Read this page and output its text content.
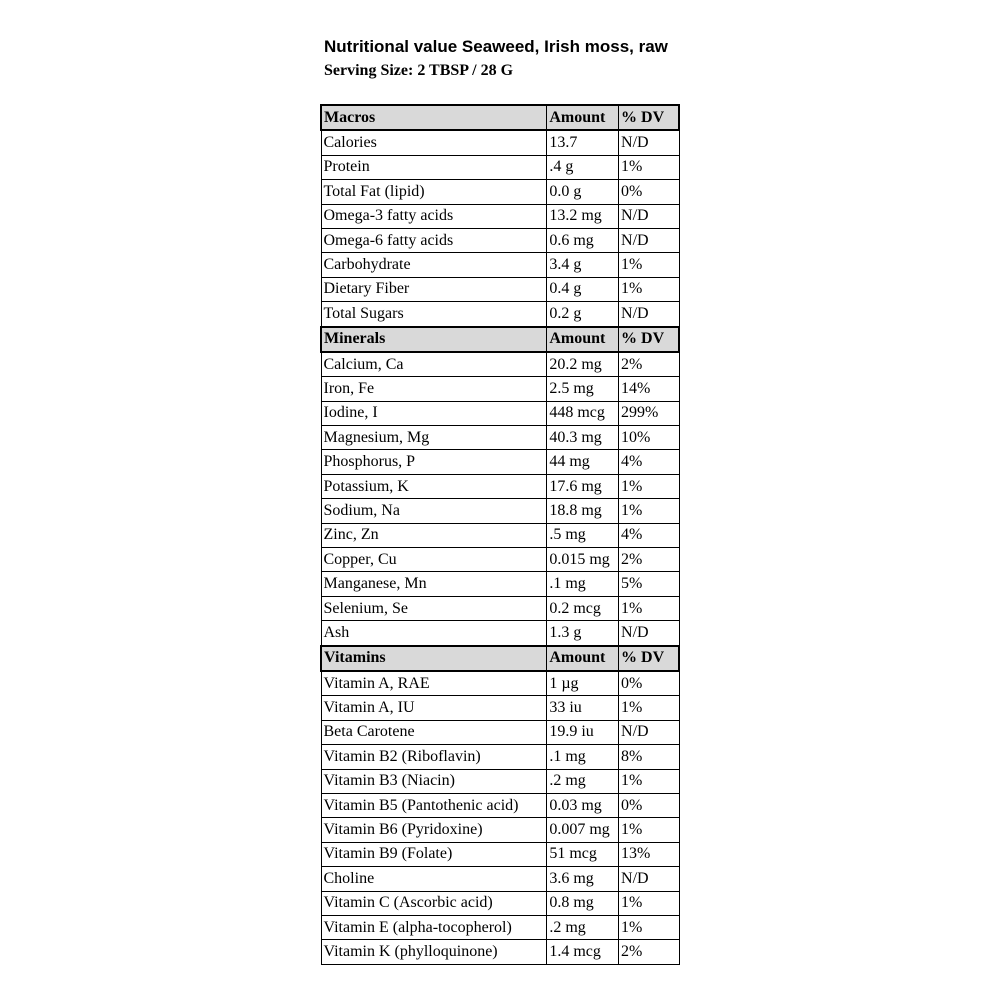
Nutritional value Seaweed, Irish moss, raw
Serving Size: 2 TBSP / 28 G
Macros	Amount	% DV
Calories	13.7	N/D
Protein	.4 g	1%
Total Fat (lipid)	0.0 g	0%
Omega-3 fatty acids	13.2 mg	N/D
Omega-6 fatty acids	0.6 mg	N/D
Carbohydrate	3.4 g	1%
Dietary Fiber	0.4 g	1%
Total Sugars	0.2 g	N/D
Minerals	Amount	% DV
Calcium, Ca	20.2 mg	2%
Iron, Fe	2.5 mg	14%
Iodine, I	448 mcg	299%
Magnesium, Mg	40.3 mg	10%
Phosphorus, P	44 mg	4%
Potassium, K	17.6 mg	1%
Sodium, Na	18.8 mg	1%
Zinc, Zn	.5 mg	4%
Copper, Cu	0.015 mg	2%
Manganese, Mn	.1 mg	5%
Selenium, Se	0.2 mcg	1%
Ash	1.3 g	N/D
Vitamins	Amount	% DV
Vitamin A, RAE	1 µg	0%
Vitamin A, IU	33 iu	1%
Beta Carotene	19.9 iu	N/D
Vitamin B2 (Riboflavin)	.1 mg	8%
Vitamin B3 (Niacin)	.2 mg	1%
Vitamin B5 (Pantothenic acid)	0.03 mg	0%
Vitamin B6 (Pyridoxine)	0.007 mg	1%
Vitamin B9 (Folate)	51 mcg	13%
Choline	3.6 mg	N/D
Vitamin C (Ascorbic acid)	0.8 mg	1%
Vitamin E (alpha-tocopherol)	.2 mg	1%
Vitamin K (phylloquinone)	1.4 mcg	2%
